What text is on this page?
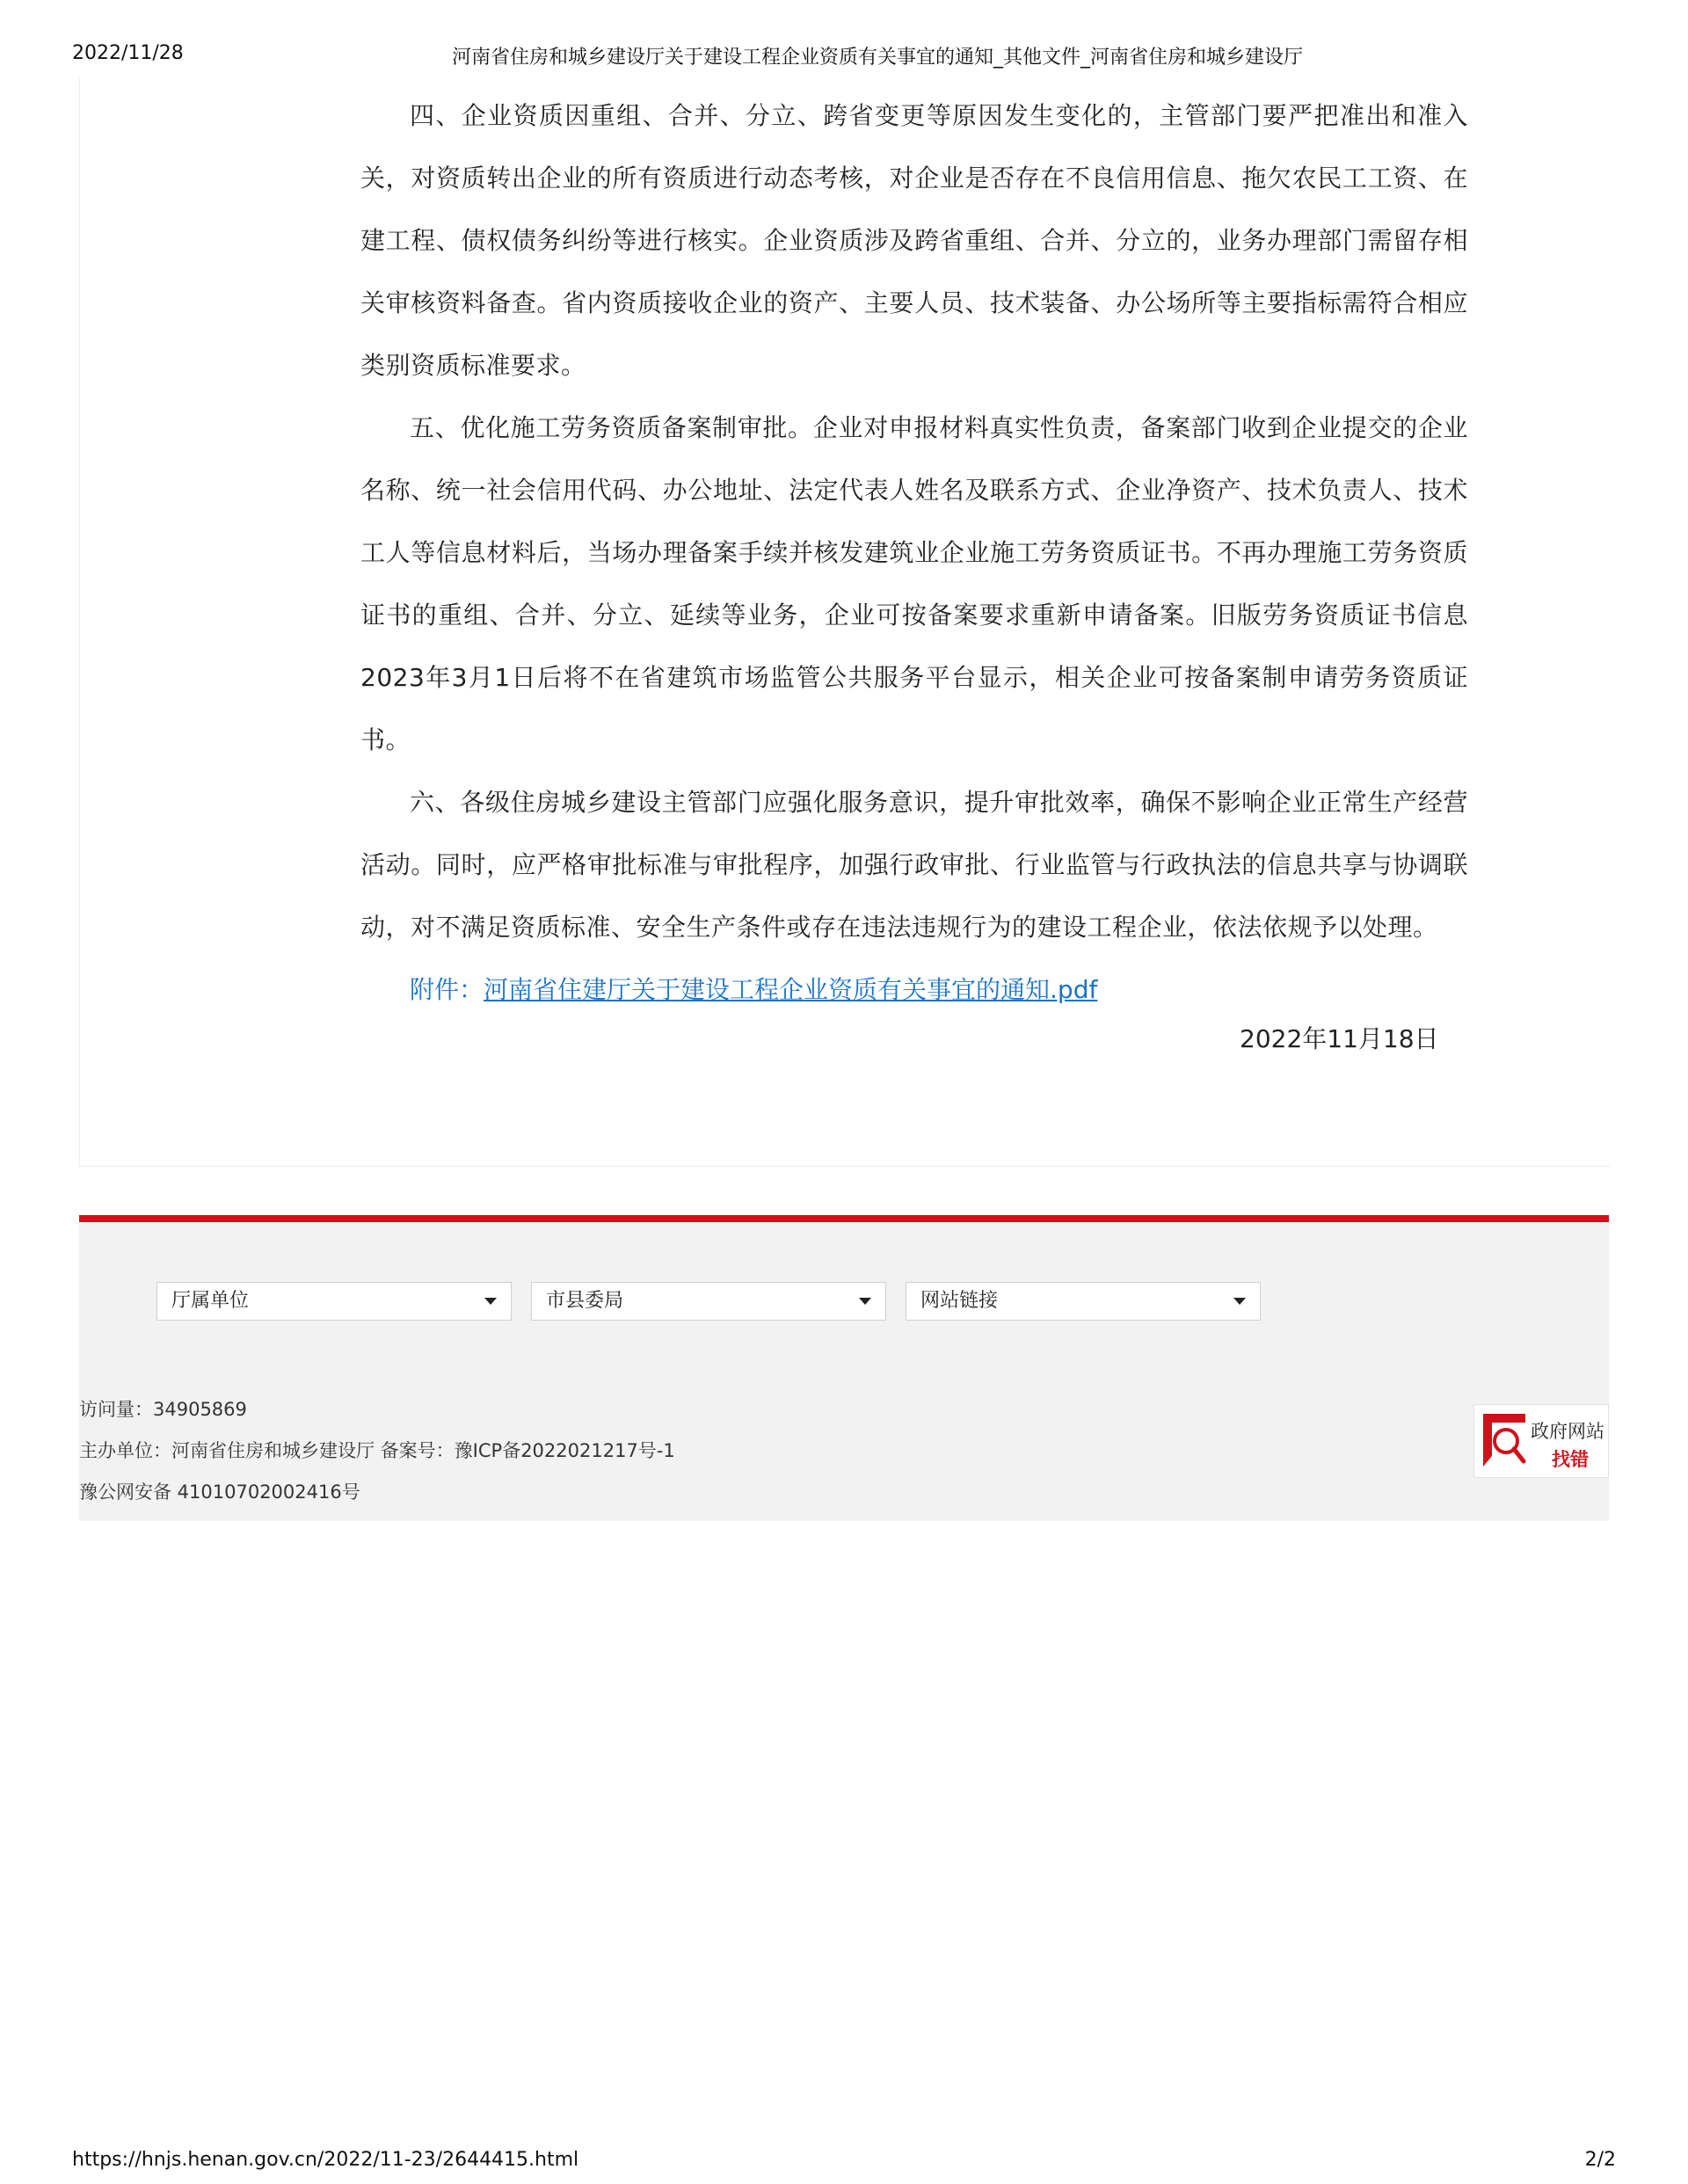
2022/11/28	河南省住房和城乡建设厅关于建设工程企业资质有关事宜的通知_其他文件_河南省住房和城乡建设厅

四、企业资质因重组、合并、分立、跨省变更等原因发生变化的，主管部门要严把准出和准入关，对资质转出企业的所有资质进行动态考核，对企业是否存在不良信用信息、拖欠农民工工资、在建工程、债权债务纠纷等进行核实。企业资质涉及跨省重组、合并、分立的，业务办理部门需留存相关审核资料备查。省内资质接收企业的资产、主要人员、技术装备、办公场所等主要指标需符合相应类别资质标准要求。

五、优化施工劳务资质备案制审批。企业对申报材料真实性负责，备案部门收到企业提交的企业名称、统一社会信用代码、办公地址、法定代表人姓名及联系方式、企业净资产、技术负责人、技术工人等信息材料后，当场办理备案手续并核发建筑业企业施工劳务资质证书。不再办理施工劳务资质证书的重组、合并、分立、延续等业务，企业可按备案要求重新申请备案。旧版劳务资质证书信息2023年3月1日后将不在省建筑市场监管公共服务平台显示，相关企业可按备案制申请劳务资质证书。

六、各级住房城乡建设主管部门应强化服务意识，提升审批效率，确保不影响企业正常生产经营活动。同时，应严格审批标准与审批程序，加强行政审批、行业监管与行政执法的信息共享与协调联动，对不满足资质标准、安全生产条件或存在违法违规行为的建设工程企业，依法依规予以处理。

附件：河南省住建厅关于建设工程企业资质有关事宜的通知.pdf
2022年11月18日
厅属单位	市县委局	网站链接
访问量：34905869
主办单位：河南省住房和城乡建设厅 备案号：豫ICP备2022021217号-1
豫公网安备 41010702002416号
政府网站
找错
https://hnjs.henan.gov.cn/2022/11-23/2644415.html	2/2
